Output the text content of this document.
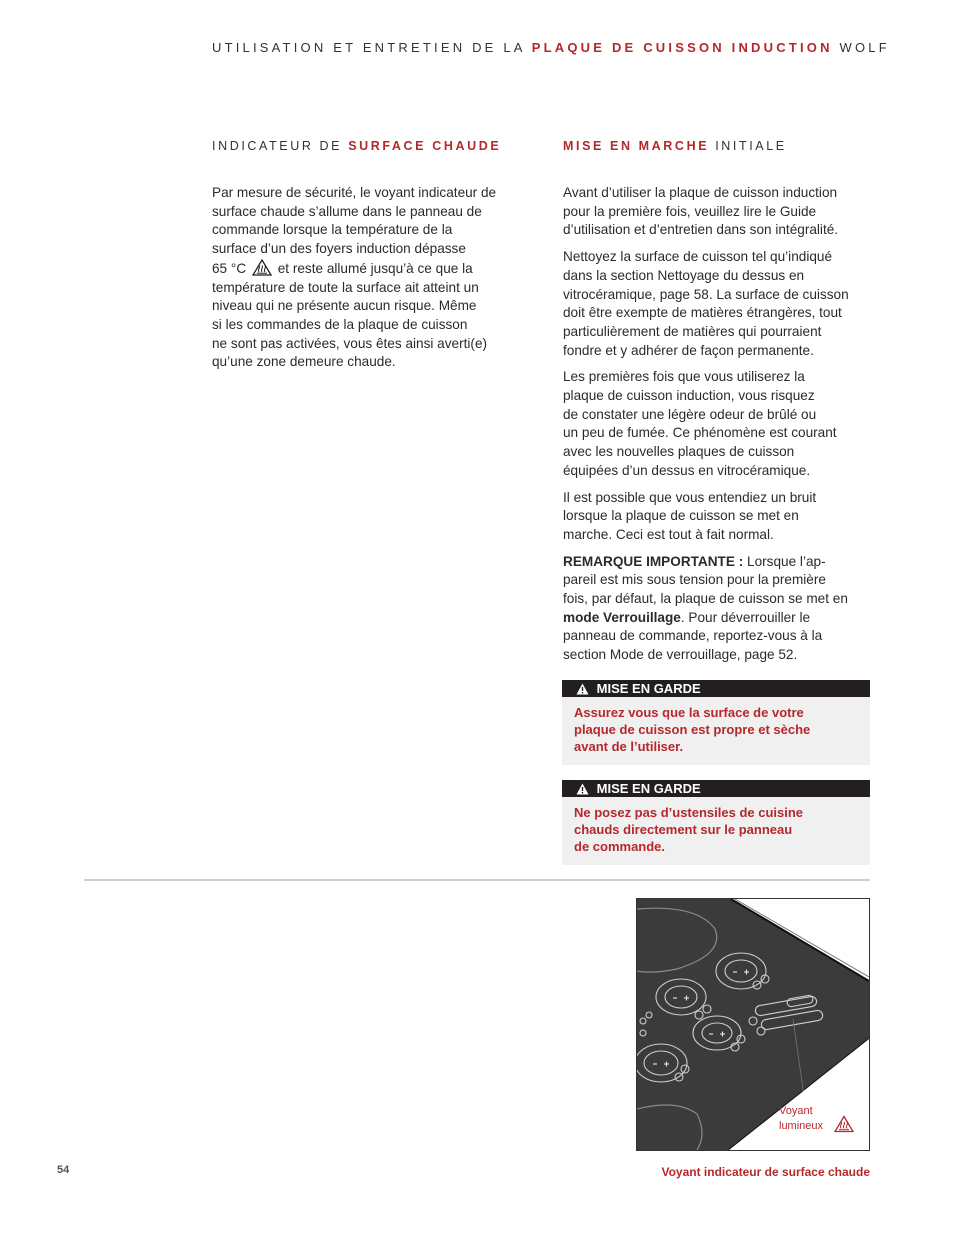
UTILISATION ET ENTRETIEN DE LA PLAQUE DE CUISSON INDUCTION WOLF
INDICATEUR DE SURFACE CHAUDE
Par mesure de sécurité, le voyant indicateur de
surface chaude s’allume dans le panneau de
commande lorsque la température de la
surface d’un des foyers induction dépasse
65 °C et reste allumé jusqu’à ce que la
température de toute la surface ait atteint un
niveau qui ne présente aucun risque. Même
si les commandes de la plaque de cuisson
ne sont pas activées, vous êtes ainsi averti(e)
qu’une zone demeure chaude.
MISE EN MARCHE INITIALE

Avant d’utiliser la plaque de cuisson induction
pour la première fois, veuillez lire le Guide
d’utilisation et d’entretien dans son intégralité.

Nettoyez la surface de cuisson tel qu’indiqué
dans la section Nettoyage du dessus en
vitrocéramique, page 58. La surface de cuisson
doit être exempte de matières étrangères, tout
particulièrement de matières qui pourraient
fondre et y adhérer de façon permanente.

Les premières fois que vous utiliserez la
plaque de cuisson induction, vous risquez
de constater une légère odeur de brûlé ou
un peu de fumée. Ce phénomène est courant
avec les nouvelles plaques de cuisson
équipées d’un dessus en vitrocéramique.

Il est possible que vous entendiez un bruit
lorsque la plaque de cuisson se met en
marche. Ceci est tout à fait normal.

REMARQUE IMPORTANTE : Lorsque l’ap-
pareil est mis sous tension pour la première
fois, par défaut, la plaque de cuisson se met en
mode Verrouillage. Pour déverrouiller le
panneau de commande, reportez-vous à la
section Mode de verrouillage, page 52.

MISE EN GARDE
Assurez vous que la surface de votre
plaque de cuisson est propre et sèche
avant de l’utiliser.
MISE EN GARDE
Ne posez pas d’ustensiles de cuisine
chauds directement sur le panneau
de commande.
Voyant
lumineux
Voyant indicateur de surface chaude
54
